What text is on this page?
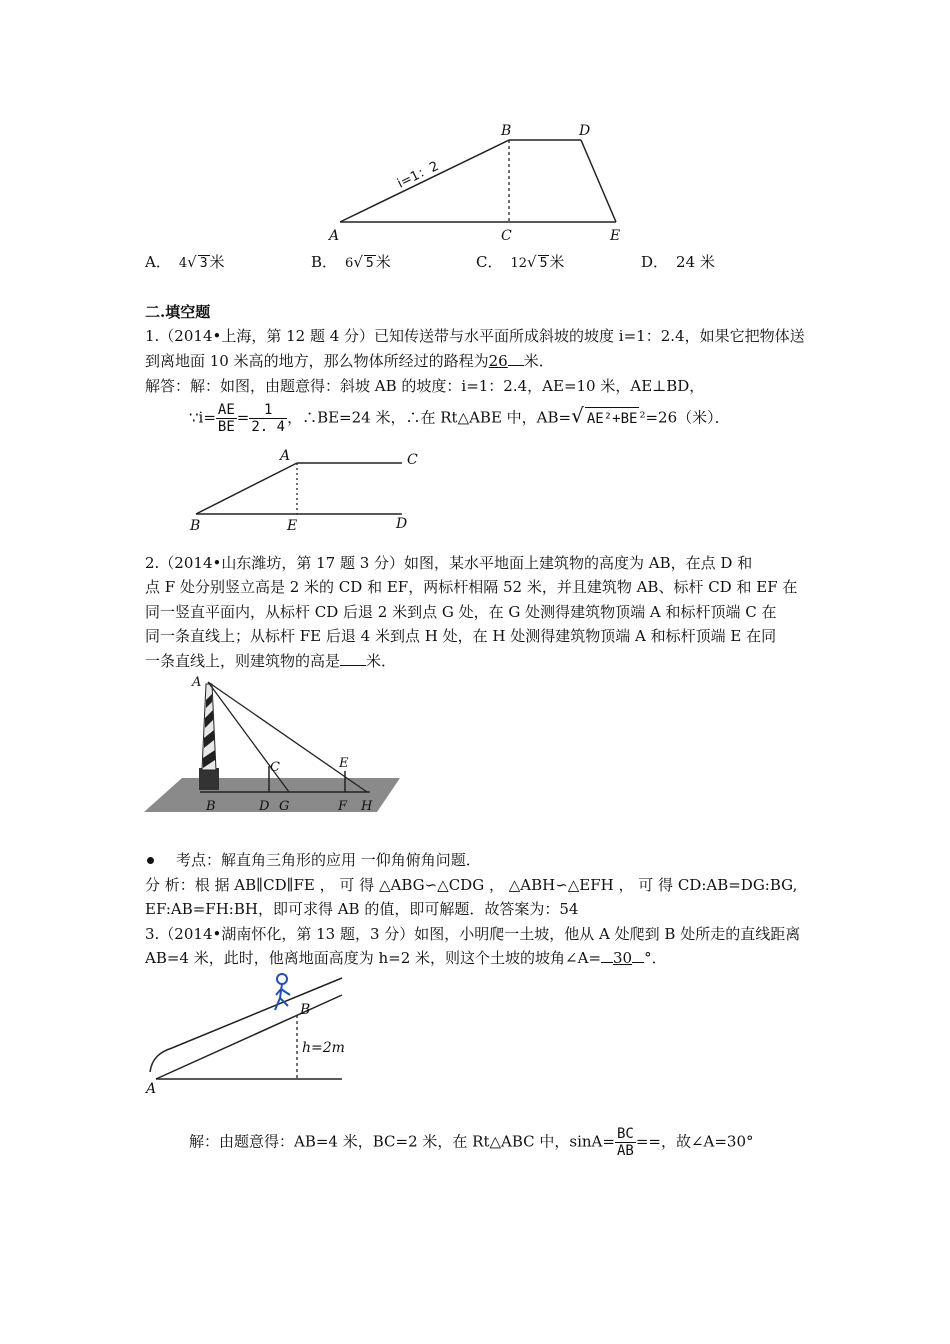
A
B
C
D
E
i=1：2
A． 4√ 3 米	B． 6√ 5 米	C． 12√ 5 米	D． 24 米
二.填空题
1.（2014•上海，第 12 题 4 分）已知传送带与水平面所成斜坡的坡度 i=1：2.4，如果它把物体送
到离地面 10 米高的地方，那么物体所经过的路程为26 米．
解答：解：如图，由题意得：斜坡 AB 的坡度：i=1：2.4，AE=10 米，AE⊥BD，
∵i= $\frac{AE}{BE} = \frac{1}{2. 4}$ ，∴BE=24 米，∴在 Rt△ABE 中，AB=√ AE²+BE ²=26（米）．
A	C
B	E	D
2.（2014•山东潍坊，第 17 题 3 分）如图，某水平地面上建筑物的高度为 AB，在点 D 和
点 F 处分别竖立高是 2 米的 CD 和 EF，两标杆相隔 52 米，并且建筑物 AB、标杆 CD 和 EF 在
同一竖直平面内，从标杆 CD 后退 2 米到点 G 处，在 G 处测得建筑物顶端 A 和标杆顶端 C 在
同一条直线上；从标杆 FE 后退 4 米到点 H 处，在 H 处测得建筑物顶端 A 和标杆顶端 E 在同
一条直线上，则建筑物的高是 米．
A
C	E
B	D G	F H
考点：解直角三角形的应用 一仰角俯角问题．
分 析：根 据 AB∥CD∥FE ， 可 得 △ABG∽△CDG ， △ABH∽△EFH ， 可 得 CD:AB=DG:BG,
EF:AB=FH:BH，即可求得 AB 的值，即可解题．故答案为：54
3.（2014•湖南怀化，第 13 题，3 分）如图，小明爬一土坡，他从 A 处爬到 B 处所走的直线距离
AB=4 米，此时，他离地面高度为 h=2 米，则这个土坡的坡角∠A= 30 °．
B
A
h=2m
解：由题意得：AB=4 米，BC=2 米，在 Rt△ABC 中，$\sin A= \frac{BC}{AB}$ ==，故∠A=30°
